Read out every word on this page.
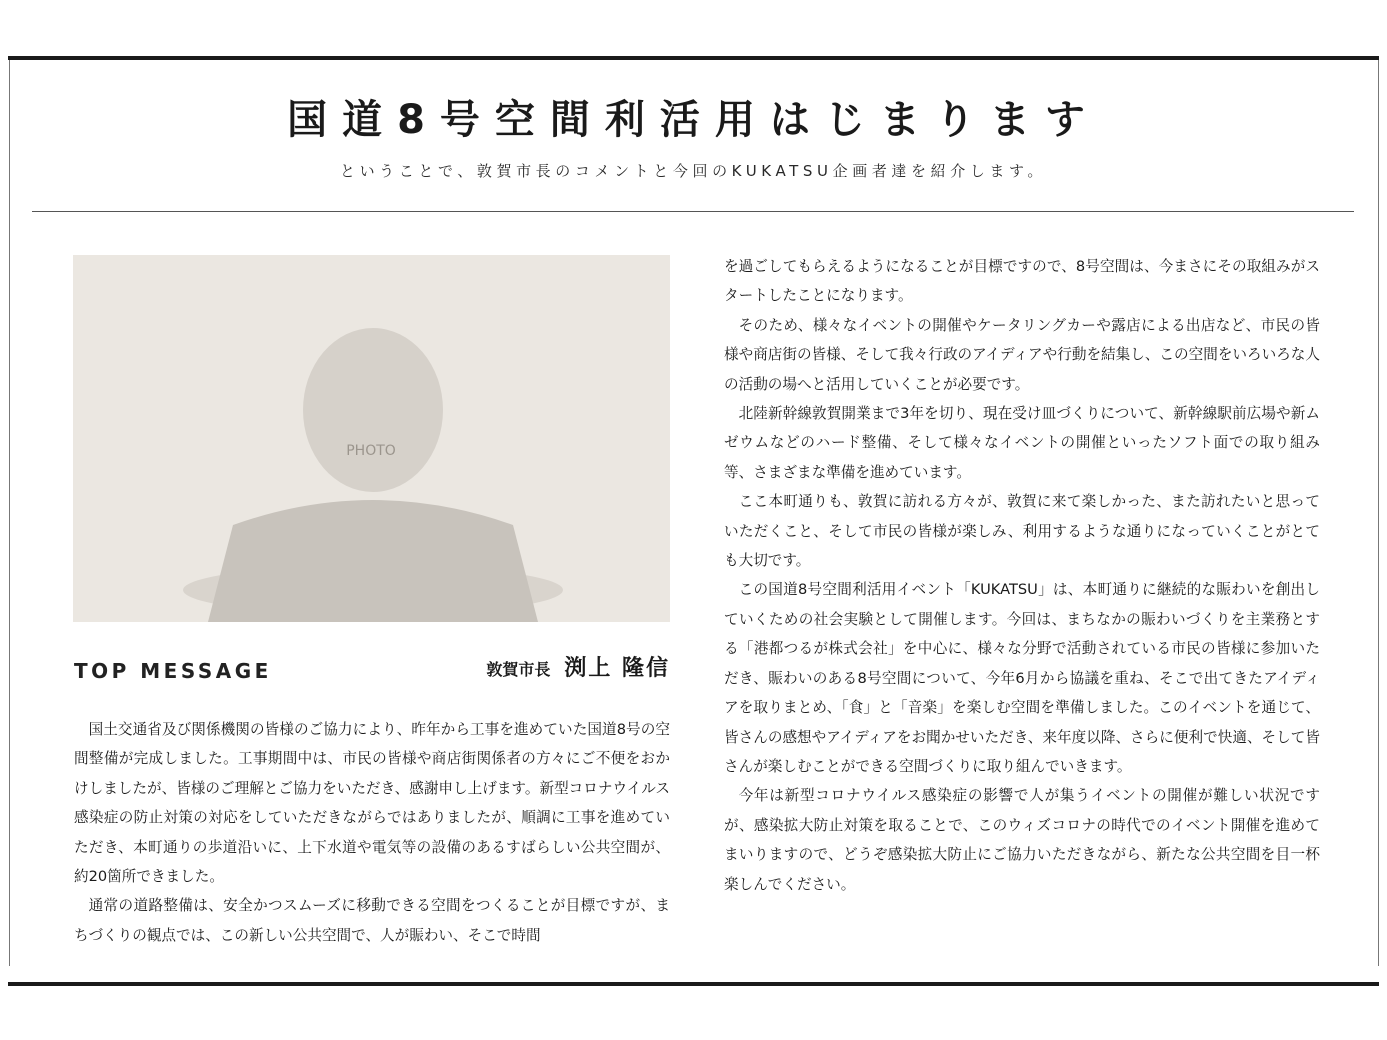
国道8号空間利活用はじまります
ということで、敦賀市長のコメントと今回のKUKATSU企画者達を紹介します。
PHOTO
TOP MESSAGE	敦賀市長 渕上 隆信

国土交通省及び関係機関の皆様のご協力により、昨年から工事を進めていた国道8号の空間整備が完成しました。工事期間中は、市民の皆様や商店街関係者の方々にご不便をおかけしましたが、皆様のご理解とご協力をいただき、感謝申し上げます。新型コロナウイルス感染症の防止対策の対応をしていただきながらではありましたが、順調に工事を進めていただき、本町通りの歩道沿いに、上下水道や電気等の設備のあるすばらしい公共空間が、約20箇所できました。

通常の道路整備は、安全かつスムーズに移動できる空間をつくることが目標ですが、まちづくりの観点では、この新しい公共空間で、人が賑わい、そこで時間

を過ごしてもらえるようになることが目標ですので、8号空間は、今まさにその取組みがスタートしたことになります。

そのため、様々なイベントの開催やケータリングカーや露店による出店など、市民の皆様や商店街の皆様、そして我々行政のアイディアや行動を結集し、この空間をいろいろな人の活動の場へと活用していくことが必要です。

北陸新幹線敦賀開業まで3年を切り、現在受け皿づくりについて、新幹線駅前広場や新ムゼウムなどのハード整備、そして様々なイベントの開催といったソフト面での取り組み等、さまざまな準備を進めています。

ここ本町通りも、敦賀に訪れる方々が、敦賀に来て楽しかった、また訪れたいと思っていただくこと、そして市民の皆様が楽しみ、利用するような通りになっていくことがとても大切です。

この国道8号空間利活用イベント「KUKATSU」は、本町通りに継続的な賑わいを創出していくための社会実験として開催します。今回は、まちなかの賑わいづくりを主業務とする「港都つるが株式会社」を中心に、様々な分野で活動されている市民の皆様に参加いただき、賑わいのある8号空間について、今年6月から協議を重ね、そこで出てきたアイディアを取りまとめ、「食」と「音楽」を楽しむ空間を準備しました。このイベントを通じて、皆さんの感想やアイディアをお聞かせいただき、来年度以降、さらに便利で快適、そして皆さんが楽しむことができる空間づくりに取り組んでいきます。

今年は新型コロナウイルス感染症の影響で人が集うイベントの開催が難しい状況ですが、感染拡大防止対策を取ることで、このウィズコロナの時代でのイベント開催を進めてまいりますので、どうぞ感染拡大防止にご協力いただきながら、新たな公共空間を目一杯楽しんでください。
